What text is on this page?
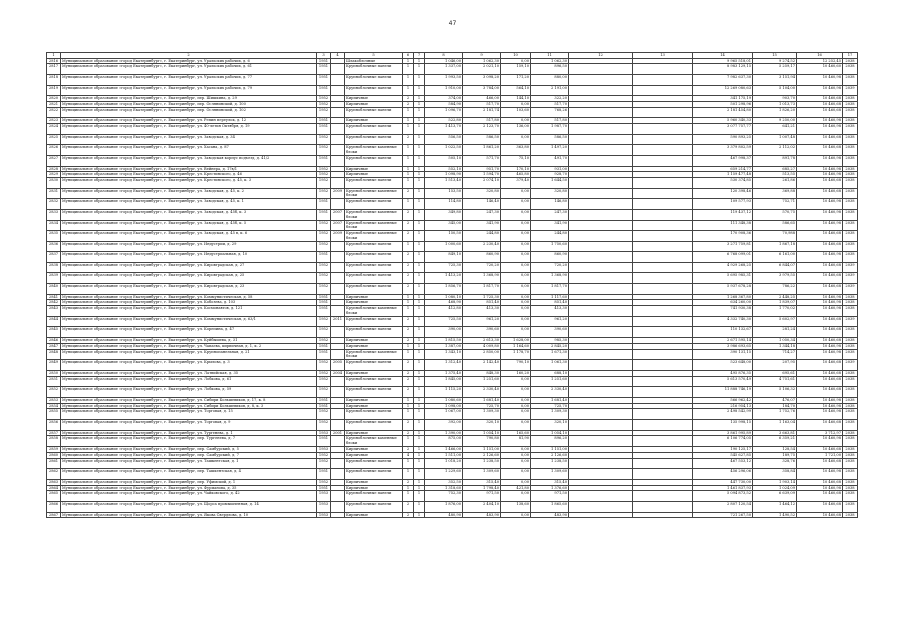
47
1	2	3	4	5	6	7	8	9	10	11	12	13	14	15	16	17
2816	Муниципальное образование «город Екатеринбург», г. Екатеринбург, ул. Уральских рабочих, д. 6	1951		Шлакоблочные	1	1	1 046,00	1 062,30	0,00	1 062,30			9 965 518,01	9 274,52	12 252,45	2038
2817	Муниципальное образование «город Екатеринбург», г. Екатеринбург, ул. Уральских рабочих, д. 61	1951		Крупноблочные панели	1	1	1 337,00	2 021,10	159,10	896,50			8 983 129,15	5 259,17	10 460,60	2038
2818	Муниципальное образование «город Екатеринбург», г. Екатеринбург, ул. Уральских рабочих, д. 77	1951		Крупноблочные панели	1	1	1 993,50	3 098,20	171,20	880,00			7 982 637,30	3 151,94	10 460,98	2038
2819	Муниципальное образование «город Екатеринбург», г. Екатеринбург, ул. Уральских рабочих, д. 79	1951		Крупноблочные панели	1	1	1 910,00	3 784,00	564,10	2 191,00			12 269 080,63	5 104,00	10 460,98	2039
2820	Муниципальное образование «город Екатеринбург», г. Екатеринбург, пер. Шишкина, д. 29	1952		Кирпичные	2	1	374,00	466,00	144,10	322,20			341 175,19	903,70	10 460,68	2038
2821	Муниципальное образование «город Екатеринбург», г. Екатеринбург, пер. Ослянинский, д. 100	1952		Кирпичные	2	1	584,90	517,70	0,00	517,70			501 298,96	1 013,73	10 460,68	2038
2822	Муниципальное образование «город Екатеринбург», г. Екатеринбург, пер. Ослянинский, д. 102	1952		Крупноблочные панели	1	1	1 096,70	2 181,74	103,60	768,26			2 181 454,80	1 826,20	10 460,68	2038
2823	Муниципальное образование «город Екатеринбург», г. Екатеринбург, ул. Репин переулок, д. 12	1951		Кирпичные	1	1	522,80	517,80	0,00	517,80			5 960 340,33	9 250,00	10 460,98	2038
2824	Муниципальное образование «город Екатеринбург», г. Екатеринбург, ул. 40-летия Октября, д. 19	1951		Крупноблочные панели	1	1	1 413,70	2 123,70	136,00	1 987,70			3 077 757,77	641,21	10 460,98	2038
2825	Муниципальное образование «город Екатеринбург», г. Екатеринбург, ул. Заводская, д. 34	1952		Крупноблочные панели	2	1	556,50	586,50	0,00	586,50			590 893,25	1 007,48	10 460,68	2038
2826	Муниципальное образование «город Екатеринбург», г. Екатеринбург, ул. Хасана, д. 87	1952		Крупноблочные каменные блоки	1	1	1 022,50	1 861,20	363,80	1 497,20			3 379 802,59	2 112,02	10 460,68	2038
2827	Муниципальное образование «город Екатеринбург», г. Екатеринбург, ул. Заводская корпус подъезд, д. 41/2	1951		Крупноблочные панели	1	1	505,10	571,70	75,10	491,70			467 998,37	891,78	10 460,98	2038
2828	Муниципальное образование «город Екатеринбург», г. Екатеринбург, ул. Вейнера, д. 17в/1	1952		Кирпичные	1	1	552,10	951,70	170,10	931,00			659 214,77	685,27	10 460,98	2038
2829	Муниципальное образование «город Екатеринбург», г. Екатеринбург, ул. Крестинского, д. 46	1952		Кирпичные	1	1	1 098,90	1 594,70	465,80	928,70			1 159 477,48	513,55	10 460,98	2038
2830	Муниципальное образование «город Екатеринбург», г. Екатеринбург, ул. Крестинского, д. 45, к. 3	1952		Крупноблочные панели	1	1	1 513,40	2 074,10	379,40	1 644,50			530 374,85	261,86	10 460,68	2038
2831	Муниципальное образование «город Екатеринбург», г. Екатеринбург, ул. Заводская, д. 45, к. 2	1952	2009	Крупноблочные каменные блоки	2	1	153,50	320,80	0,00	320,80			120 398,46	369,88	10 460,68	2038
2832	Муниципальное образование «город Екатеринбург», г. Екатеринбург, ул. Заводская, д. 45, к. 1	1951		Крупноблочные панели	1	1	114,80	146,40	0,00	146,80			109 577,93	752,71	10 460,98	2038
2833	Муниципальное образование «город Екатеринбург», г. Екатеринбург, ул. Заводская, д. 45б, к. 3	1951	2007	Крупноблочные каменные блоки	2	1	349,80	247,30	0,00	247,30			119 437,12	570,75	10 460,98	2038
2834	Муниципальное образование «город Екатеринбург», г. Екатеринбург, ул. Заводская, д. 45б, к. 5	1952	2007	Крупноблочные каменные блоки	2	1	345,00	341,90	0,00	341,90			111 348,38	586,65	10 460,98	2038
2835	Муниципальное образование «город Екатеринбург», г. Екатеринбург, ул. Заводская, д. 45 в, к. 6	1952	2009	Крупноблочные каменные блоки	2	1	150,50	244,80	0,00	244,80			170 908,36	70,988	10 460,68	2038
2836	Муниципальное образование «город Екатеринбург», г. Екатеринбург, ул. Индустрии, д. 29	1952		Крупноблочные панели	1	1	1 000,60	2 230,40	0,00	1 750,60			3 271 759,81	1 867,18	10 460,68	2038
2837	Муниципальное образование «город Екатеринбург», г. Екатеринбург, ул. Индустриальная, д. 10	1951		Крупноблочные панели	2	1	849,10	860,90	0,00	860,90			6 768 099,01	6 161,00	10 460,98	2038
2838	Муниципальное образование «город Екатеринбург», г. Екатеринбург, ул. Кировградская, д. 27	1952		Крупноблочные панели	2	1	725,30	720,20	0,00	720,20			4 929 268,25	6 844,07	10 460,68	2039
2839	Муниципальное образование «город Екатеринбург», г. Екатеринбург, ул. Кировградская, д. 25	1952		Крупноблочные панели	2	1	1 413,20	1 368,90	0,00	1 368,90			5 695 985,31	3 979,55	10 460,68	2039
2840	Муниципальное образование «город Екатеринбург», г. Екатеринбург, ул. Кировградская, д. 23	1952		Крупноблочные панели	2	1	1 856,70	1 817,70	0,00	1 817,70			5 937 678,28	786,22	10 460,68	2039
2841	Муниципальное образование «город Екатеринбург», г. Екатеринбург, ул. Коммунистическая, д. 58	1951		Кирпичные	1	1	1 080,10	1 725,30	0,00	1 117,60			1 268 367,80	2 448,25	10 460,98	2038
2842	Муниципальное образование «город Екатеринбург», г. Екатеринбург, ул. Кобозева, д. 103	1951		Кирпичные	1	1	468,90	851,40	0,00	851,40			634 260,00	1 839,07	10 460,98	2038
2843	Муниципальное образование «город Екатеринбург», г. Екатеринбург, ул. Космонавтов, д. 121	1951		Крупноблочные каменные блоки	1	1	412,80	413,30	0,00	413,30			741 930,38	1 770,02	10 460,98	2038
2844	Муниципальное образование «город Екатеринбург», г. Екатеринбург, ул. Коммунистическая, д. 63/1	1952	2011	Крупноблочные панели	2	1	725,50	961,20	0,00	961,20			4 332 740,30	5 602,97	10 460,68	2039
2845	Муниципальное образование «город Екатеринбург», г. Екатеринбург, ул. Корепина, д. 47	1952		Крупноблочные панели	2	1	390,00	390,60	0,00	390,60			110 132,67	281,24	10 460,68	2038
2846	Муниципальное образование «город Екатеринбург», г. Екатеринбург, ул. Куйбышева, д. 31	1952		Кирпичные	2	1	1 815,50	2 613,30	1 628,00	985,30			2 671 595,14	1 050,34	10 460,68	2038
2847	Муниципальное образование «город Екатеринбург», г. Екатеринбург, ул. Чапаева, кирпичная, д. 1, к. 2	1951		Кирпичные	1	1	1 387,00	4 009,80	1 164,60	2 845,20			3 986 693,65	1 344,18	10 460,98	2038
2848	Муниципальное образование «город Екатеринбург», г. Екатеринбург, ул. Крупнопанельная, д. 21	1951		Крупноблочные каменные блоки	1	1	1 343,10	2 850,00	1 178,70	1 671,30			390 131,15	714,27	10 460,98	2038
2849	Муниципальное образование «город Екатеринбург», г. Екатеринбург, ул. Крылова, д. 3	1952	2005	Крупноблочные панели	2	1	1 312,40	2 142,40	790,10	1 061,30			523 648,00	207,95	10 460,68	2039
2850	Муниципальное образование «город Екатеринбург», г. Екатеринбург, ул. Латвийская, д. 35	1952	2004	Кирпичные	2	1	1 375,40	848,30	160,20	688,10			495 876,35	695,61	10 460,68	2038
2851	Муниципальное образование «город Екатеринбург», г. Екатеринбург, ул. Лобкова, д. 61	1952		Крупноблочные панели	2	1	1 845,00	1 251,60	0,00	1 251,60			5 613 570,49	4 751,61	10 460,68	2038
2852	Муниципальное образование «город Екатеринбург», г. Екатеринбург, ул. Лобкова, д. 59	1952		Крупноблочные панели	2	1	1 115,20	2 330,40	0,00	2 330,40			11 888 746,19	5 106,32	10 460,68	2038
2853	Муниципальное образование «город Екатеринбург», г. Екатеринбург, ул. Сибири Большевиков, д. 17, к. 8	1951		Кирпичные	1	1	1 080,60	1 681,40	0,00	1 681,40			566 962,42	476,07	10 460,98	2038
2854	Муниципальное образование «город Екатеринбург», г. Екатеринбург, ул. Сибири Большевиков, д. 8, к. 3	1951		Кирпичные	1	1	1 098,00	725,70	0,00	725,70			216 954,13	184,70	10 460,98	2038
2855	Муниципальное образование «город Екатеринбург», г. Екатеринбург, ул. Торговая, д. 15	1952		Крупноблочные панели	1	1	1 067,00	1 309,30	0,00	1 309,30			2 498 542,99	1 752,76	10 460,98	2038
2856	Муниципальное образование «город Екатеринбург», г. Екатеринбург, ул. Торговая, д. 9	1952		Крупноблочные панели	2	1	392,00	320,10	0,00	320,10			135 998,15	1 163,04	10 460,68	2038
2857	Муниципальное образование «город Екатеринбург», г. Екатеринбург, ул. Тургенева, д. 1	1953	2001	Кирпичные	2	1	1 390,00	1 054,10	165,60	1 054,10			3 861 995,89	3 663,81	3 712,97	2038
2858	Муниципальное образование «город Екатеринбург», г. Екатеринбург, пер. Тургенева, д. 7	1951		Крупноблочные каменные блоки	1	1	875,00	790,80	81,90	896,20			6 106 774,05	6 359,21	10 460,98	2038
2859	Муниципальное образование «город Екатеринбург», г. Екатеринбург, пер. Самбурский, д. 5	1953		Кирпичные	2	1	1 466,00	1 151,00	0,00	1 151,00			190 125,17	128,54	10 460,68	2038
2860	Муниципальное образование «город Екатеринбург», г. Екатеринбург, пер. Самбурский, д. 7	1952		Кирпичные	4	1	1 511,00	2 126,60	0,00	2 126,60			545 627,85	189,75	1 721,00	2038
2861	Муниципальное образование «город Екатеринбург», г. Екатеринбург, ул. Ташкентская, д. 1	1952		Крупноблочные панели	1	1	1 018,20	1 238,50	0,00	1 238,50			467 553,12	328,76	10 460,68	2038
2862	Муниципальное образование «город Екатеринбург», г. Екатеринбург, пер. Ташкентская, д. 4	1951		Крупноблочные панели	1	1	1 229,60	1 309,60	0,00	1 309,60			456 296,06	358,84	10 460,98	2038
2863	Муниципальное образование «город Екатеринбург», г. Екатеринбург, пер. Уфимский, д. 1	1952		Кирпичные	2	1	352,50	315,40	0,00	315,40			447 730,00	1 903,14	10 460,68	2038
2864	Муниципальное образование «город Екатеринбург», г. Екатеринбург, ул. Фурманова, д. 35	1951		Кирпичные	1	1	1 318,60	1 798,40	421,80	1 376,60			1 461 837,93	1 024,09	10 460,98	2038
2865	Муниципальное образование «город Екатеринбург», г. Екатеринбург, ул. Чайковского, д. 42	1953		Крупноблочные панели	1	1	752,30	971,50	0,00	971,50			5 094 873,52	6 639,09	10 460,68	2038
2866	Муниципальное образование «город Екатеринбург», г. Екатеринбург, ул. Щорса промышленная, д. 14	1953		Крупноблочные панели	2	1	1 876,00	2 404,10	138,60	1 865,60			2 807 120,54	1 464,12	10 460,68	2038
2867	Муниципальное образование «город Екатеринбург», г. Екатеринбург, ул. Якова Свердлова, д. 10	1953		Кирпичные	2	1	480,90	483,90	0,00	483,90			721 267,50	1 490,52	10 460,68	2038
